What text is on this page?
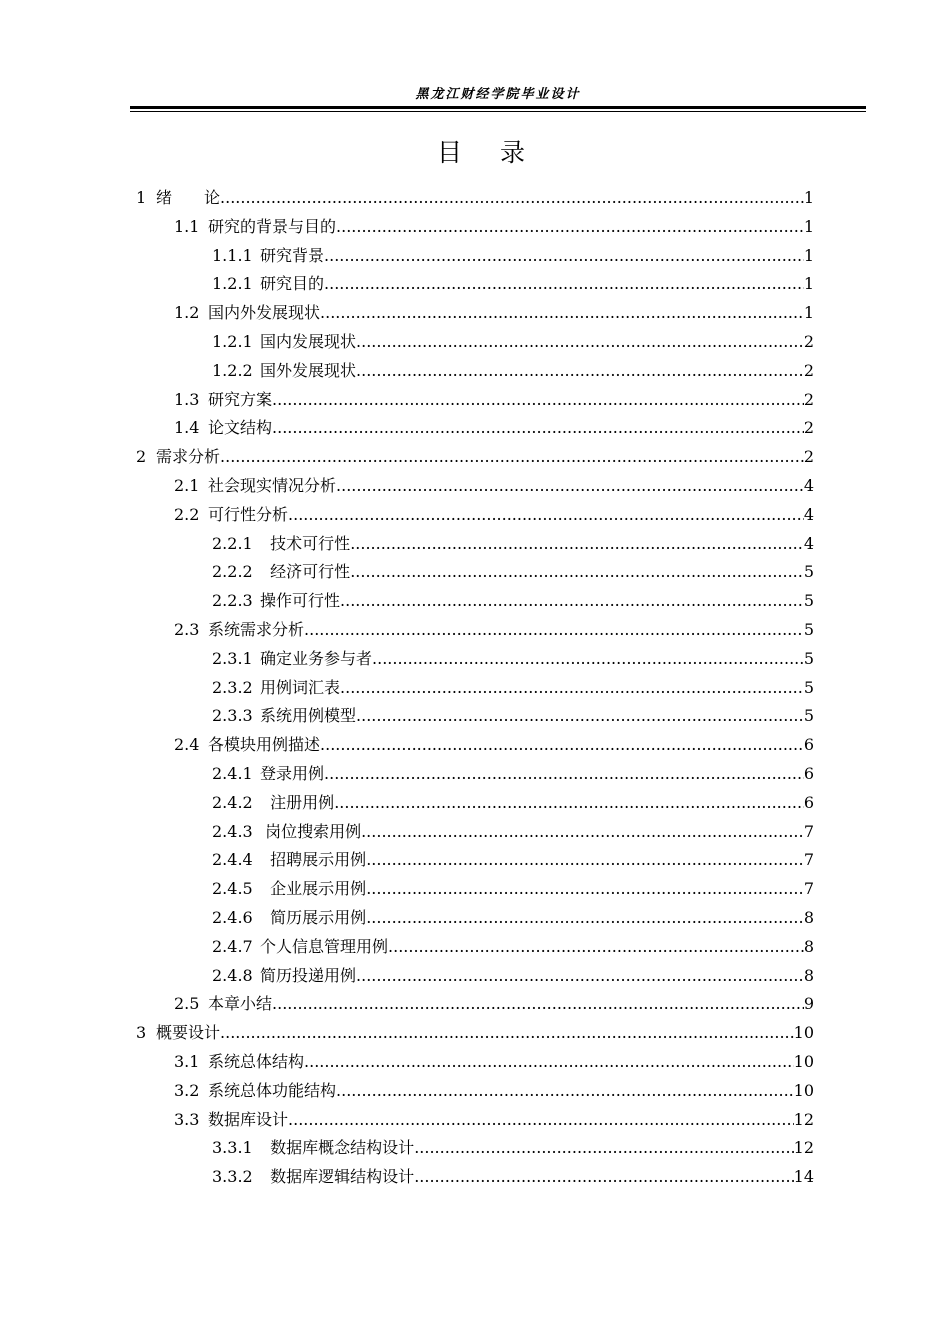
黑龙江财经学院毕业设计
目录
1 绪　　论 .....	1
1.1 研究的背景与目的 .....	1
1.1.1 研究背景 .....	1
1.2.1 研究目的 .....	1
1.2 国内外发展现状 .....	1
1.2.1 国内发展现状 .....	2
1.2.2 国外发展现状 .....	2
1.3 研究方案 .....	2
1.4 论文结构 .....	2
2 需求分析 .....	2
2.1 社会现实情况分析 .....	4
2.2 可行性分析 .....	4
2.2.1 技术可行性 .....	4
2.2.2 经济可行性 .....	5
2.2.3 操作可行性 .....	5
2.3 系统需求分析 .....	5
2.3.1 确定业务参与者 .....	5
2.3.2 用例词汇表 .....	5
2.3.3 系统用例模型 .....	5
2.4 各模块用例描述 .....	6
2.4.1 登录用例 .....	6
2.4.2 注册用例 .....	6
2.4.3 岗位搜索用例 .....	7
2.4.4 招聘展示用例 .....	7
2.4.5 企业展示用例 .....	7
2.4.6 简历展示用例 .....	8
2.4.7 个人信息管理用例 .....	8
2.4.8 简历投递用例 .....	8
2.5 本章小结 .....	9
3 概要设计 .....	10
3.1 系统总体结构 .....	10
3.2 系统总体功能结构 .....	10
3.3 数据库设计 .....	12
3.3.1 数据库概念结构设计 .....	12
3.3.2 数据库逻辑结构设计 .....	14
